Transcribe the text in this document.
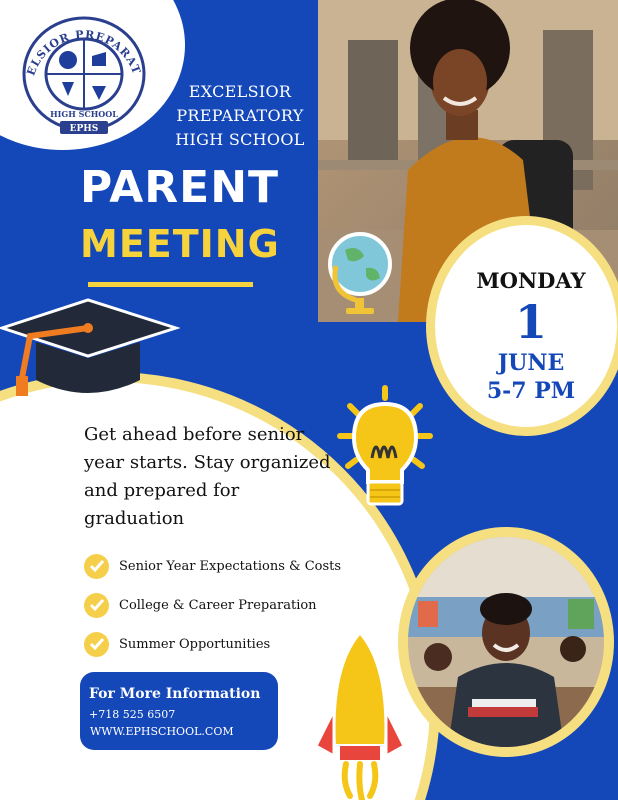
ELSIOR PREPARAT
HIGH SCHOOL
EPHS
EXCELSIOR
PREPARATORY
HIGH SCHOOL
PARENT
MEETING
MONDAY
1
JUNE
5-7 PM
Get ahead before senior year starts. Stay organized and prepared for graduation
Senior Year Expectations & Costs
College & Career Preparation
Summer Opportunities
For More Information
+718 525 6507
WWW.EPHSCHOOL.COM
